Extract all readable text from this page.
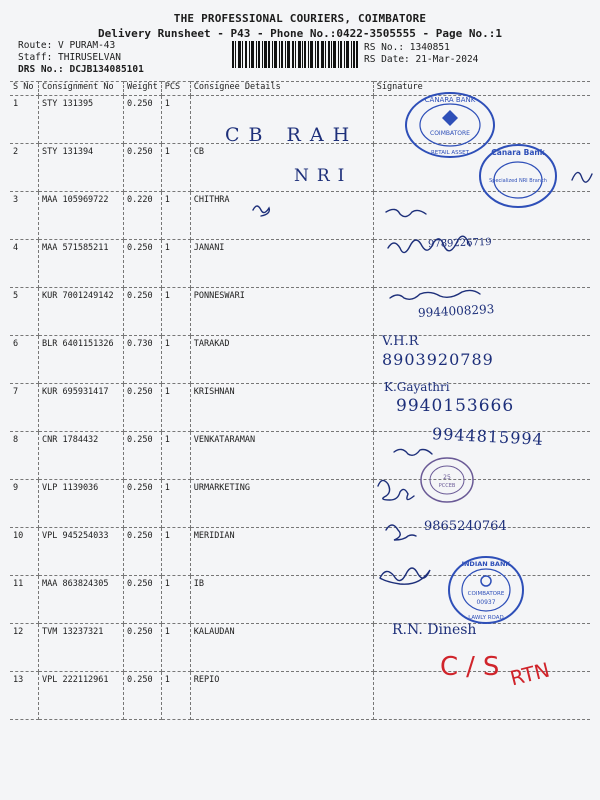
THE PROFESSIONAL COURIERS, COIMBATORE
Delivery Runsheet - P43 - Phone No.:0422-3505555 - Page No.:1
Route: V PURAM-43
Staff: THIRUSELVAN
DRS No.: DCJB134085101
RS No.: 1340851
RS Date: 21-Mar-2024
S No	Consignment No	Weight	PCS	Consignee Details	Signature
1	STY 131395	0.250	1		
2	STY 131394	0.250	1	CB	
3	MAA 105969722	0.220	1	CHITHRA	
4	MAA 571585211	0.250	1	JANANI	
5	KUR 7001249142	0.250	1	PONNESWARI	
6	BLR 6401151326	0.730	1	TARAKAD	
7	KUR 695931417	0.250	1	KRISHNAN	
8	CNR 1784432	0.250	1	VENKATARAMAN	
9	VLP 1139036	0.250	1	URMARKETING	
10	VPL 945254033	0.250	1	MERIDIAN	
11	MAA 863824305	0.250	1	IB	
12	TVM 13237321	0.250	1	KALAUDAN	
13	VPL 222112961	0.250	1	REPIO	
CANARA BANK
COIMBATORE
RETAIL ASSET	Canara Bank
Specialized NRI Branch
25
PCCEB
INDIAN BANK
COIMBATORE
00937
LAWLY ROAD
CB RAH
NRI
9789226719
9944008293
V.H.R
8903920789
K.Gayathri
9940153666
9944815994
9865240764
R.N. Dinesh
C/S RTN
